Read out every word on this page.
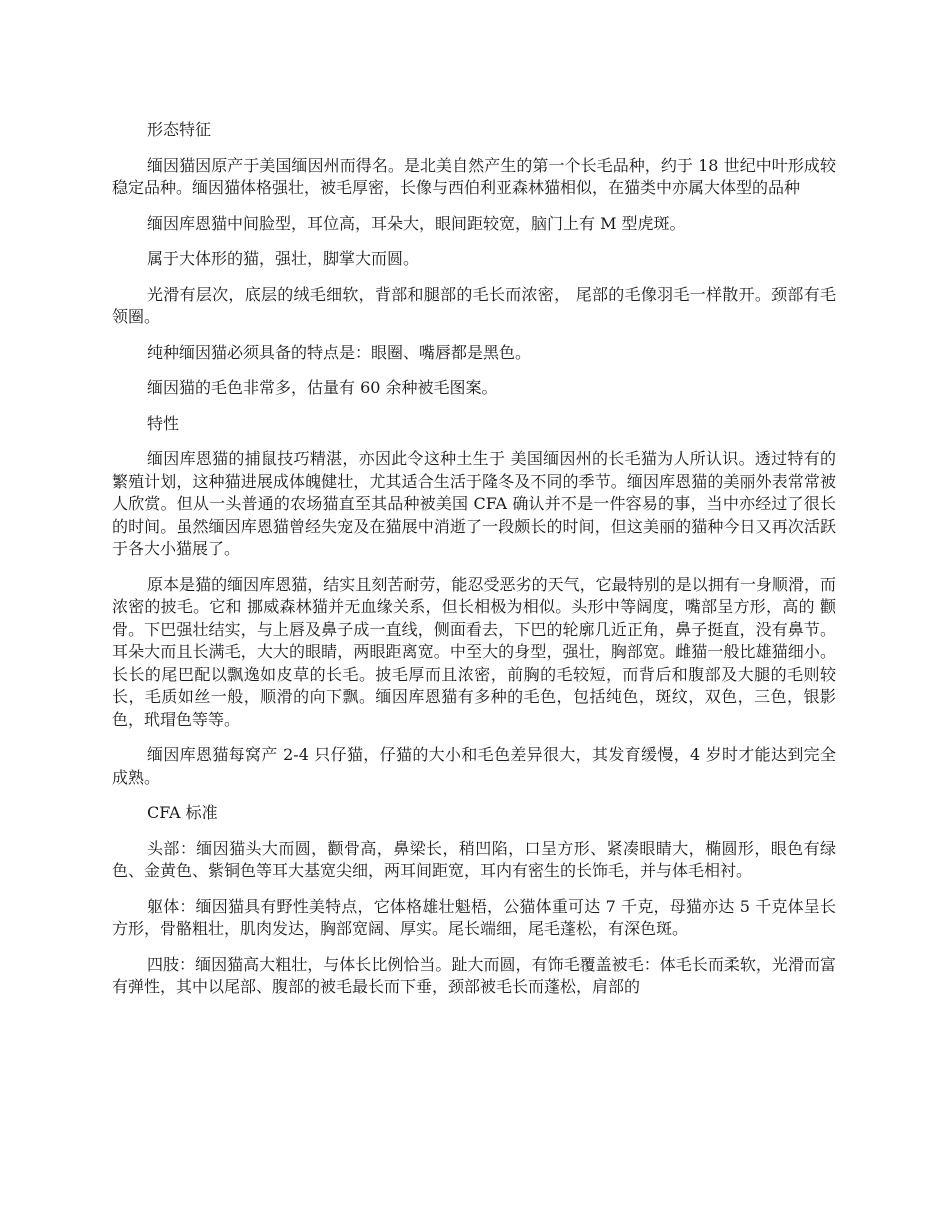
形态特征

缅因猫因原产于美国缅因州而得名。是北美自然产生的第一个长毛品种，约于 18 世纪中叶形成较稳定品种。缅因猫体格强壮，被毛厚密，长像与西伯利亚森林猫相似，在猫类中亦属大体型的品种

缅因库恩猫中间脸型，耳位高，耳朵大，眼间距较宽，脑门上有 M 型虎斑。

属于大体形的猫，强壮，脚掌大而圆。

光滑有层次，底层的绒毛细软，背部和腿部的毛长而浓密， 尾部的毛像羽毛一样散开。颈部有毛领圈。

纯种缅因猫必须具备的特点是：眼圈、嘴唇都是黑色。

缅因猫的毛色非常多，估量有 60 余种被毛图案。

特性

缅因库恩猫的捕鼠技巧精湛，亦因此令这种土生于 美国缅因州的长毛猫为人所认识。透过特有的繁殖计划，这种猫进展成体魄健壮，尤其适合生活于隆冬及不同的季节。缅因库恩猫的美丽外表常常被人欣赏。但从一头普通的农场猫直至其品种被美国 CFA 确认并不是一件容易的事，当中亦经过了很长的时间。虽然缅因库恩猫曾经失宠及在猫展中消逝了一段颇长的时间，但这美丽的猫种今日又再次活跃 于各大小猫展了。

原本是猫的缅因库恩猫，结实且刻苦耐劳，能忍受恶劣的天气，它最特别的是以拥有一身顺滑，而浓密的披毛。它和 挪威森林猫并无血缘关系，但长相极为相似。头形中等阔度，嘴部呈方形，高的 颧骨。下巴强壮结实，与上唇及鼻子成一直线，侧面看去，下巴的轮廓几近正角，鼻子挺直，没有鼻节。耳朵大而且长满毛，大大的眼睛，两眼距离宽。中至大的身型，强壮，胸部宽。雌猫一般比雄猫细小。长长的尾巴配以飘逸如皮草的长毛。披毛厚而且浓密，前胸的毛较短，而背后和腹部及大腿的毛则较长，毛质如丝一般，顺滑的向下飘。缅因库恩猫有多种的毛色，包括纯色，斑纹，双色，三色，银影色，玳瑁色等等。

缅因库恩猫每窝产 2-4 只仔猫，仔猫的大小和毛色差异很大，其发育缓慢，4 岁时才能达到完全成熟。

CFA 标准

头部：缅因猫头大而圆，颧骨高，鼻梁长，稍凹陷，口呈方形、紧凑眼睛大，椭圆形，眼色有绿色、金黄色、紫铜色等耳大基宽尖细，两耳间距宽，耳内有密生的长饰毛，并与体毛相衬。

躯体：缅因猫具有野性美特点，它体格雄壮魁梧，公猫体重可达 7 千克，母猫亦达 5 千克体呈长方形，骨骼粗壮，肌肉发达，胸部宽阔、厚实。尾长端细，尾毛蓬松，有深色斑。

四肢：缅因猫高大粗壮，与体长比例恰当。趾大而圆，有饰毛覆盖被毛：体毛长而柔软，光滑而富有弹性，其中以尾部、腹部的被毛最长而下垂，颈部被毛长而蓬松，肩部的
